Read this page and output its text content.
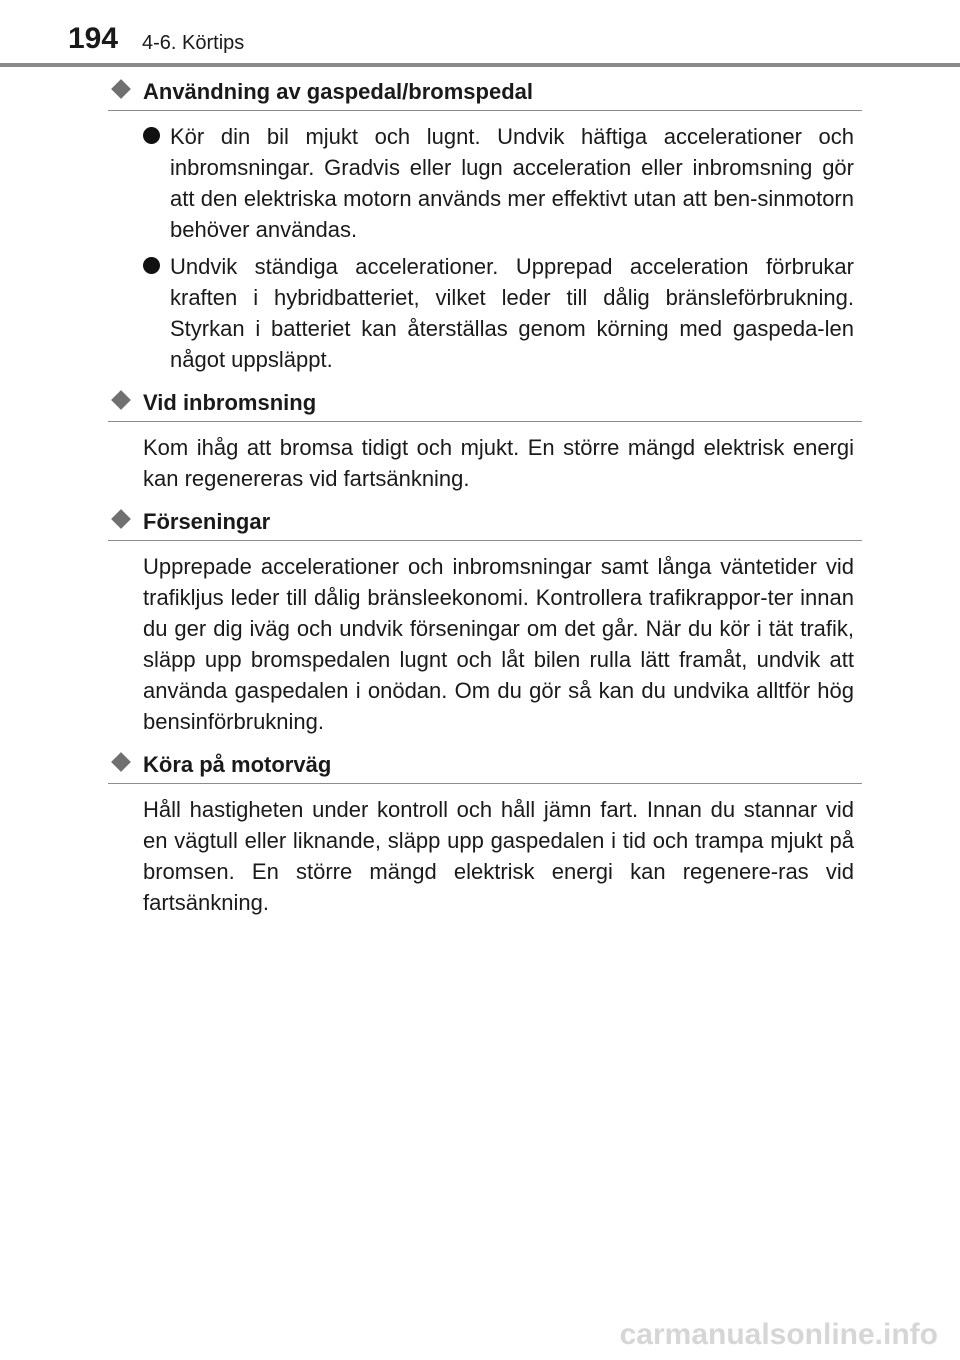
194 4-6. Körtips
Användning av gaspedal/bromspedal
Kör din bil mjukt och lugnt. Undvik häftiga accelerationer och inbromsningar. Gradvis eller lugn acceleration eller inbromsning gör att den elektriska motorn används mer effektivt utan att ben-sinmotorn behöver användas.
Undvik ständiga accelerationer. Upprepad acceleration förbrukar kraften i hybridbatteriet, vilket leder till dålig bränsleförbrukning. Styrkan i batteriet kan återställas genom körning med gaspeda-len något uppsläppt.
Vid inbromsning

Kom ihåg att bromsa tidigt och mjukt. En större mängd elektrisk energi kan regenereras vid fartsänkning.

Förseningar

Upprepade accelerationer och inbromsningar samt långa väntetider vid trafikljus leder till dålig bränsleekonomi. Kontrollera trafikrappor-ter innan du ger dig iväg och undvik förseningar om det går. När du kör i tät trafik, släpp upp bromspedalen lugnt och låt bilen rulla lätt framåt, undvik att använda gaspedalen i onödan. Om du gör så kan du undvika alltför hög bensinförbrukning.

Köra på motorväg

Håll hastigheten under kontroll och håll jämn fart. Innan du stannar vid en vägtull eller liknande, släpp upp gaspedalen i tid och trampa mjukt på bromsen. En större mängd elektrisk energi kan regenere-ras vid fartsänkning.

carmanualsonline.info
